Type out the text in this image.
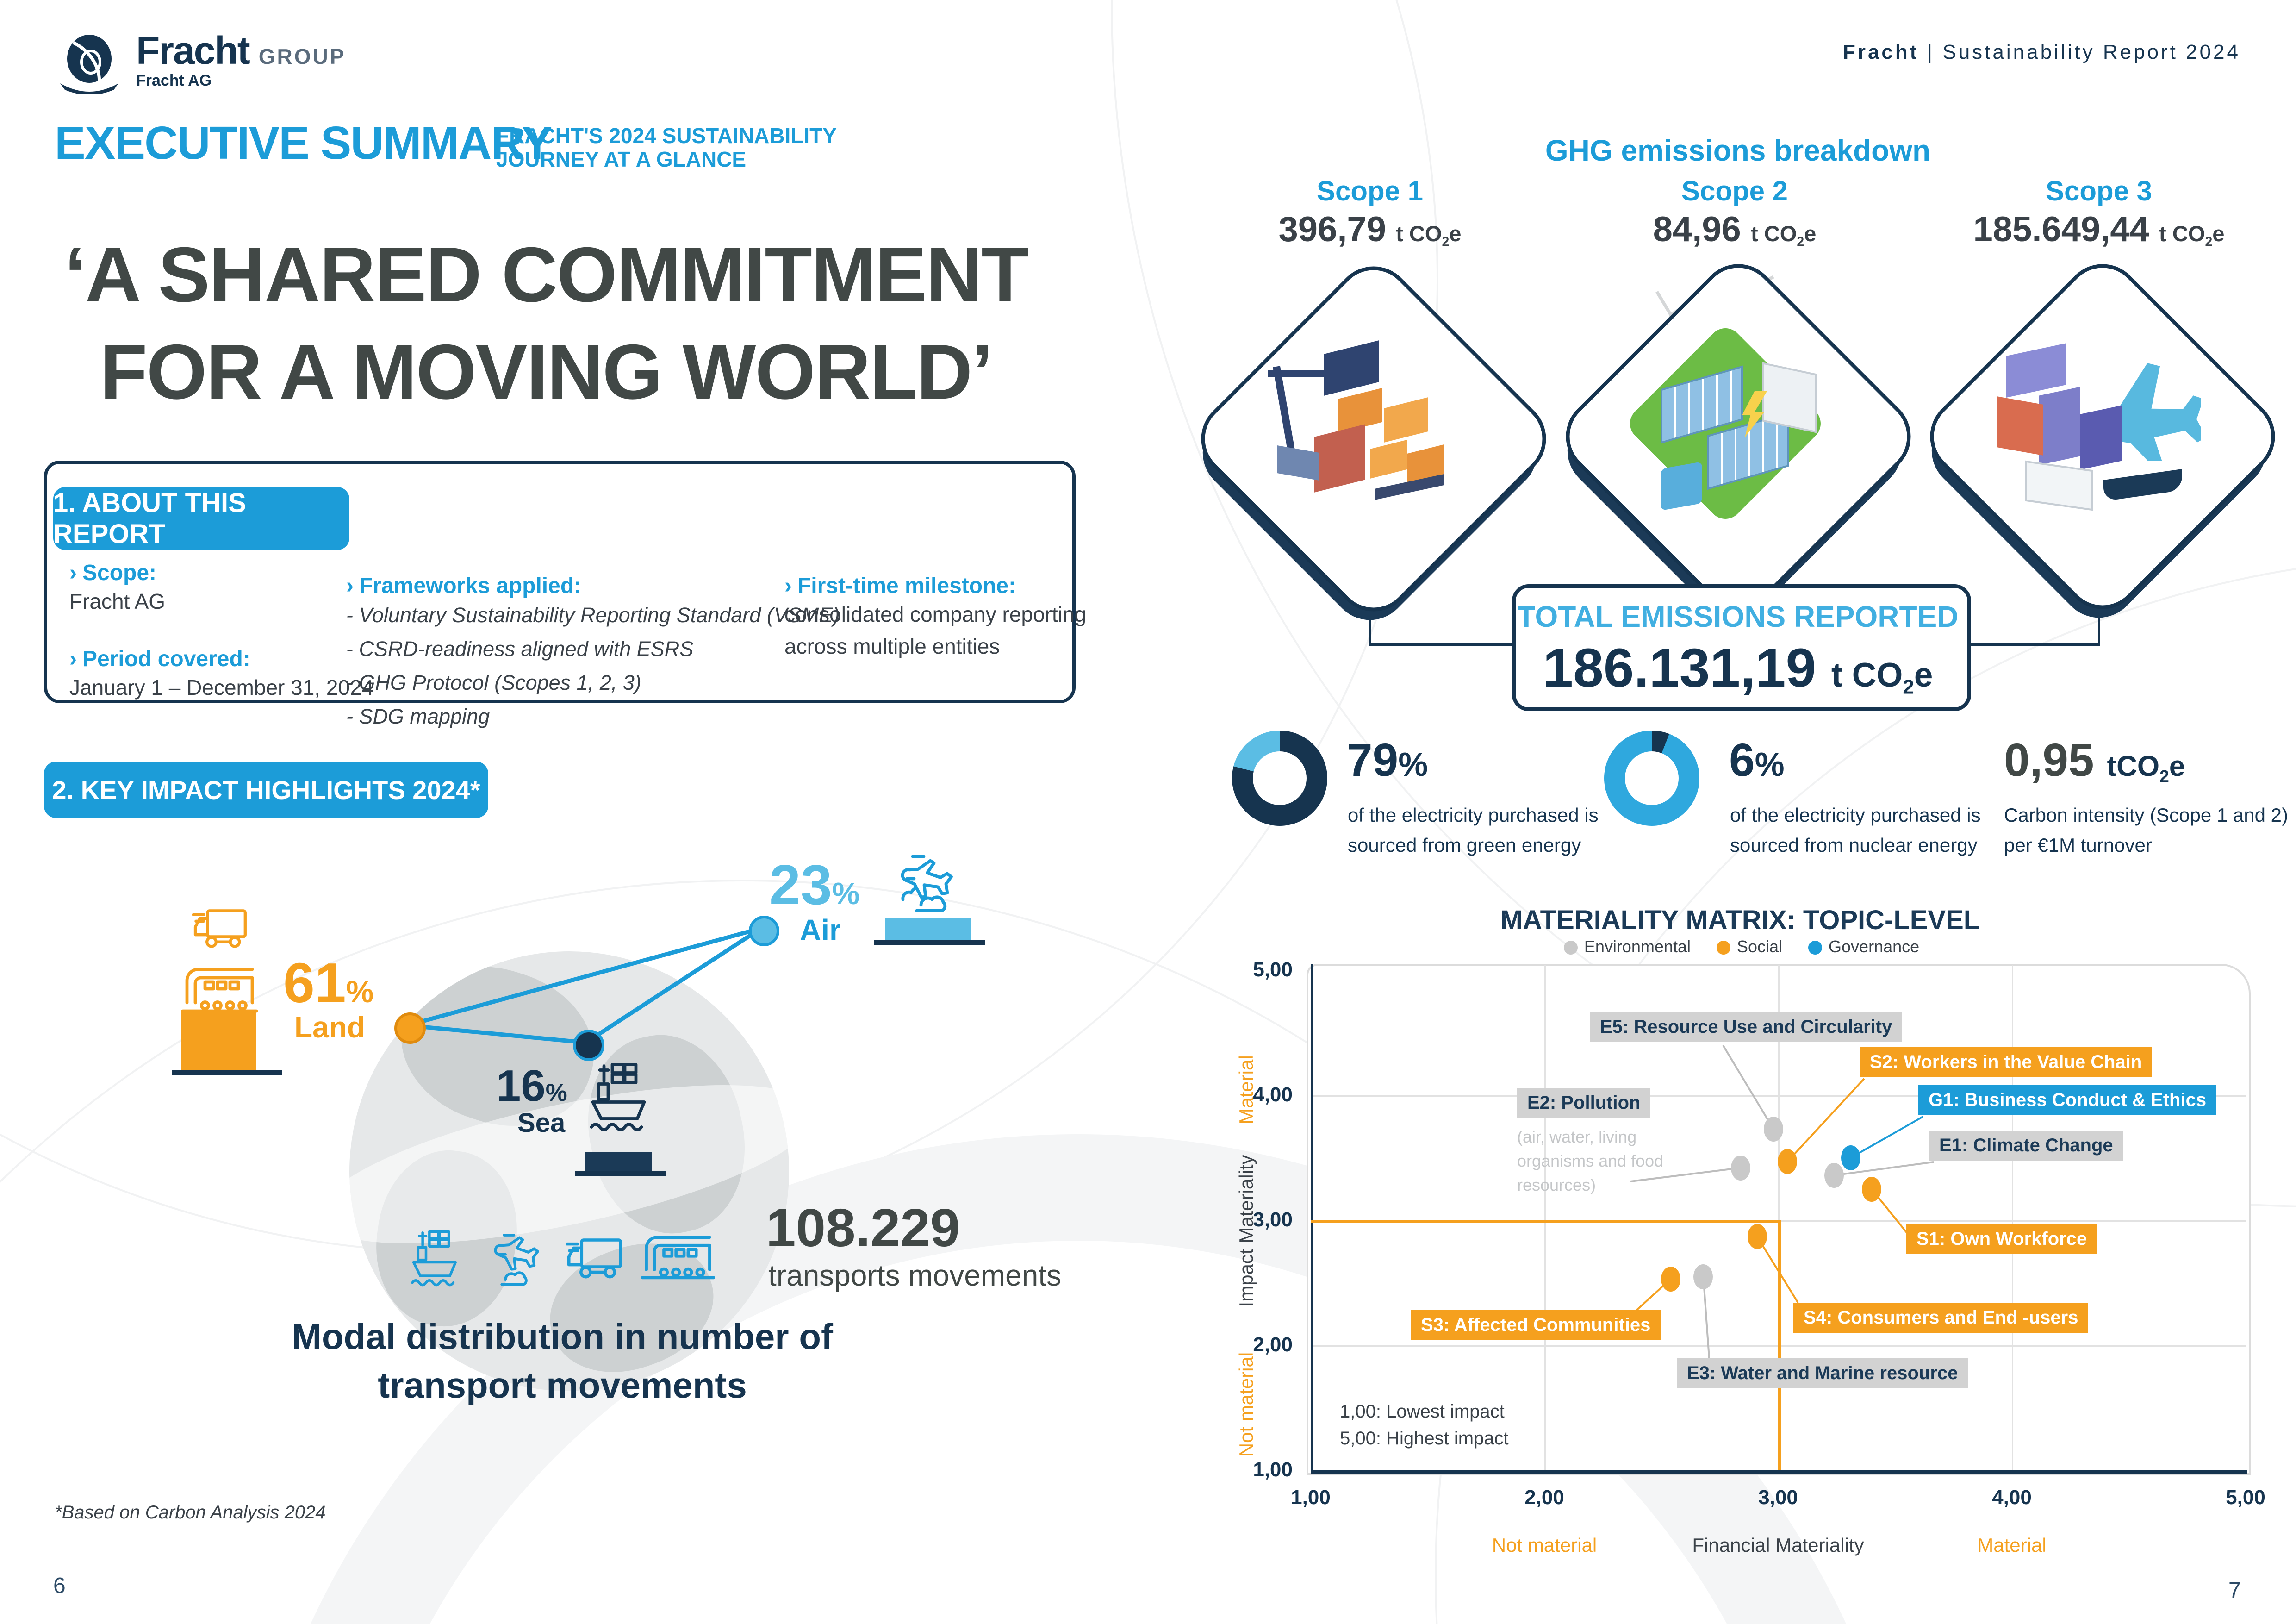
Fracht GROUP
Fracht AG
Fracht | Sustainability Report 2024
EXECUTIVE SUMMARY
FRACHT'S 2024 SUSTAINABILITY
JOURNEY AT A GLANCE
‘A SHARED COMMITMENT
FOR A MOVING WORLD’
1. ABOUT THIS REPORT
› Scope:
Fracht AG
› Period covered:
January 1 – December 31, 2024
› Frameworks applied:
- Voluntary Sustainability Reporting Standard (VSME)
- CSRD-readiness aligned with ESRS
- GHG Protocol (Scopes 1, 2, 3)
- SDG mapping
› First-time milestone:
consolidated company reporting
across multiple entities
2. KEY IMPACT HIGHLIGHTS 2024*
61%
Land
23%
Air
16%
Sea
108.229
transports movements
Modal distribution in number of
transport movements
*Based on Carbon Analysis 2024
6	7
GHG emissions breakdown
Scope 1	Scope 2	Scope 3
396,79 t $CO_2e$	84,96 t $CO_2e$	185.649,44 t $CO_2e$
TOTAL EMISSIONS REPORTED
186.131,19 t $CO_2e$
79%
of the electricity purchased is
sourced from green energy
6%
of the electricity purchased is
sourced from nuclear energy
0,95 tCO$_2$e
Carbon intensity (Scope 1 and 2)
per €1M turnover
MATERIALITY MATRIX: TOPIC-LEVEL
Environmental	Social	Governance
E5: Resource Use and Circularity
E2: Pollution
(air, water, living
organisms and food
resources)
S2: Workers in the Value Chain
G1: Business Conduct & Ethics
E1: Climate Change
S1: Own Workforce
S4: Consumers and End -users
S3: Affected Communities
E3: Water and Marine resource
1,00	2,00	3,00	4,00	5,00
1,00
2,00
3,00
4,00
5,00
Not material	Financial Materiality	Material
Material
Impact Materiality
Not material	1,00: Lowest impact
5,00: Highest impact
